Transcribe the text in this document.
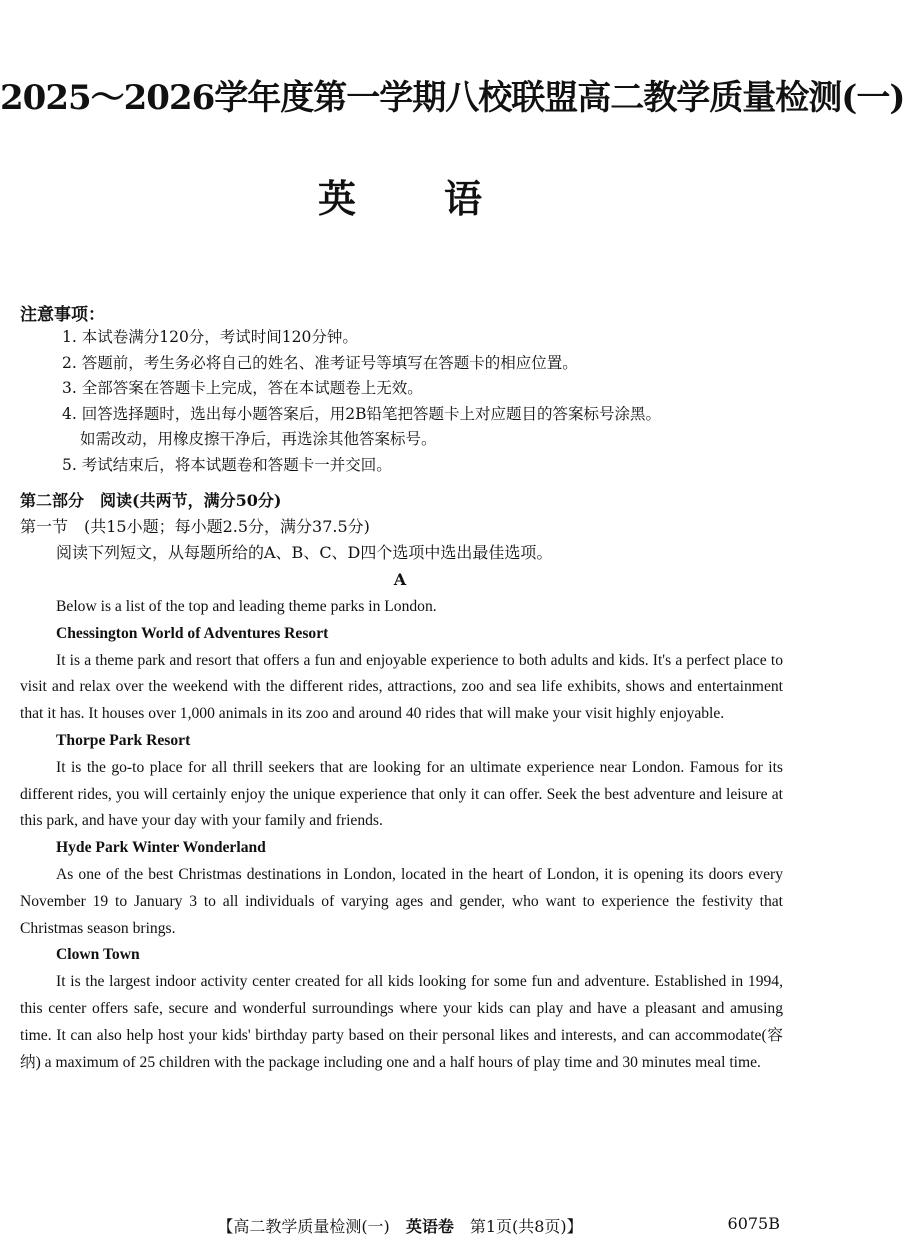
2025～2026学年度第一学期八校联盟高二教学质量检测(一)
英语
注意事项：
1. 本试卷满分120分，考试时间120分钟。
2. 答题前，考生务必将自己的姓名、准考证号等填写在答题卡的相应位置。
3. 全部答案在答题卡上完成，答在本试题卷上无效。
4. 回答选择题时，选出每小题答案后，用2B铅笔把答题卡上对应题目的答案标号涂黑。
如需改动，用橡皮擦干净后，再选涂其他答案标号。
5. 考试结束后，将本试题卷和答题卡一并交回。
第二部分　阅读(共两节，满分50分)
第一节　(共15小题；每小题2.5分，满分37.5分)
阅读下列短文，从每题所给的A、B、C、D四个选项中选出最佳选项。
A

Below is a list of the top and leading theme parks in London.

Chessington World of Adventures Resort

It is a theme park and resort that offers a fun and enjoyable experience to both adults and kids. It's a perfect place to visit and relax over the weekend with the different rides, attractions, zoo and sea life exhibits, shows and entertainment that it has. It houses over 1,000 animals in its zoo and around 40 rides that will make your visit highly enjoyable.

Thorpe Park Resort

It is the go-to place for all thrill seekers that are looking for an ultimate experience near London. Famous for its different rides, you will certainly enjoy the unique experience that only it can offer. Seek the best adventure and leisure at this park, and have your day with your family and friends.

Hyde Park Winter Wonderland

As one of the best Christmas destinations in London, located in the heart of London, it is opening its doors every November 19 to January 3 to all individuals of varying ages and gender, who want to experience the festivity that Christmas season brings.

Clown Town

It is the largest indoor activity center created for all kids looking for some fun and adventure. Established in 1994, this center offers safe, secure and wonderful surroundings where your kids can play and have a pleasant and amusing time. It can also help host your kids' birthday party based on their personal likes and interests, and can accommodate(容纳) a maximum of 25 children with the package including one and a half hours of play time and 30 minutes meal time.

【高二教学质量检测(一)　英语卷　第1页(共8页)】	6075B
